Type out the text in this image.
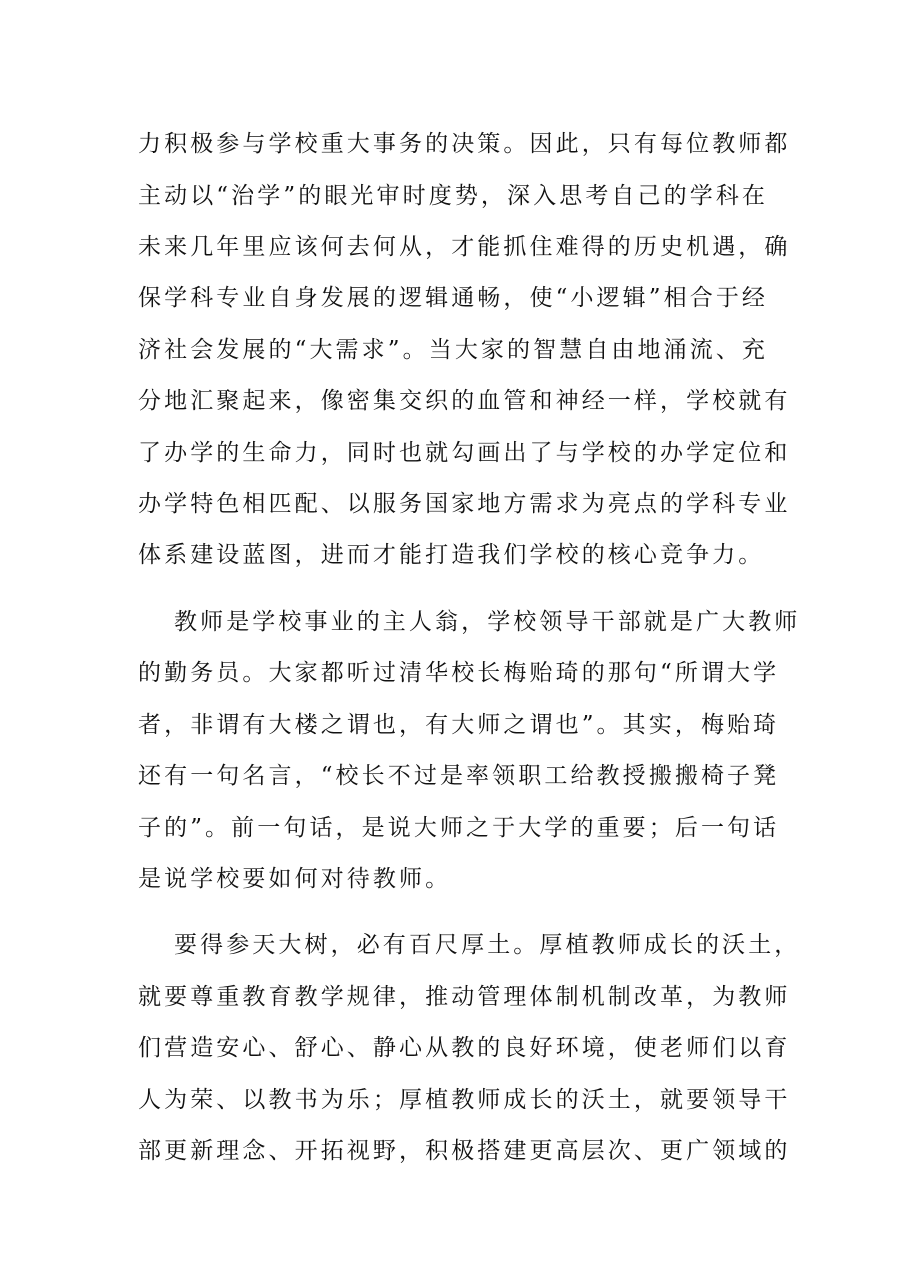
力积极参与学校重大事务的决策。因此，只有每位教师都
主动以“治学”的眼光审时度势，深入思考自己的学科在
未来几年里应该何去何从，才能抓住难得的历史机遇，确
保学科专业自身发展的逻辑通畅，使“小逻辑”相合于经
济社会发展的“大需求”。当大家的智慧自由地涌流、充
分地汇聚起来，像密集交织的血管和神经一样，学校就有
了办学的生命力，同时也就勾画出了与学校的办学定位和
办学特色相匹配、以服务国家地方需求为亮点的学科专业
体系建设蓝图，进而才能打造我们学校的核心竞争力。
教师是学校事业的主人翁，学校领导干部就是广大教师
的勤务员。大家都听过清华校长梅贻琦的那句“所谓大学
者，非谓有大楼之谓也，有大师之谓也”。其实，梅贻琦
还有一句名言，“校长不过是率领职工给教授搬搬椅子凳
子的”。前一句话，是说大师之于大学的重要；后一句话
是说学校要如何对待教师。
要得参天大树，必有百尺厚土。厚植教师成长的沃土，
就要尊重教育教学规律，推动管理体制机制改革，为教师
们营造安心、舒心、静心从教的良好环境，使老师们以育
人为荣、以教书为乐；厚植教师成长的沃土，就要领导干
部更新理念、开拓视野，积极搭建更高层次、更广领域的
